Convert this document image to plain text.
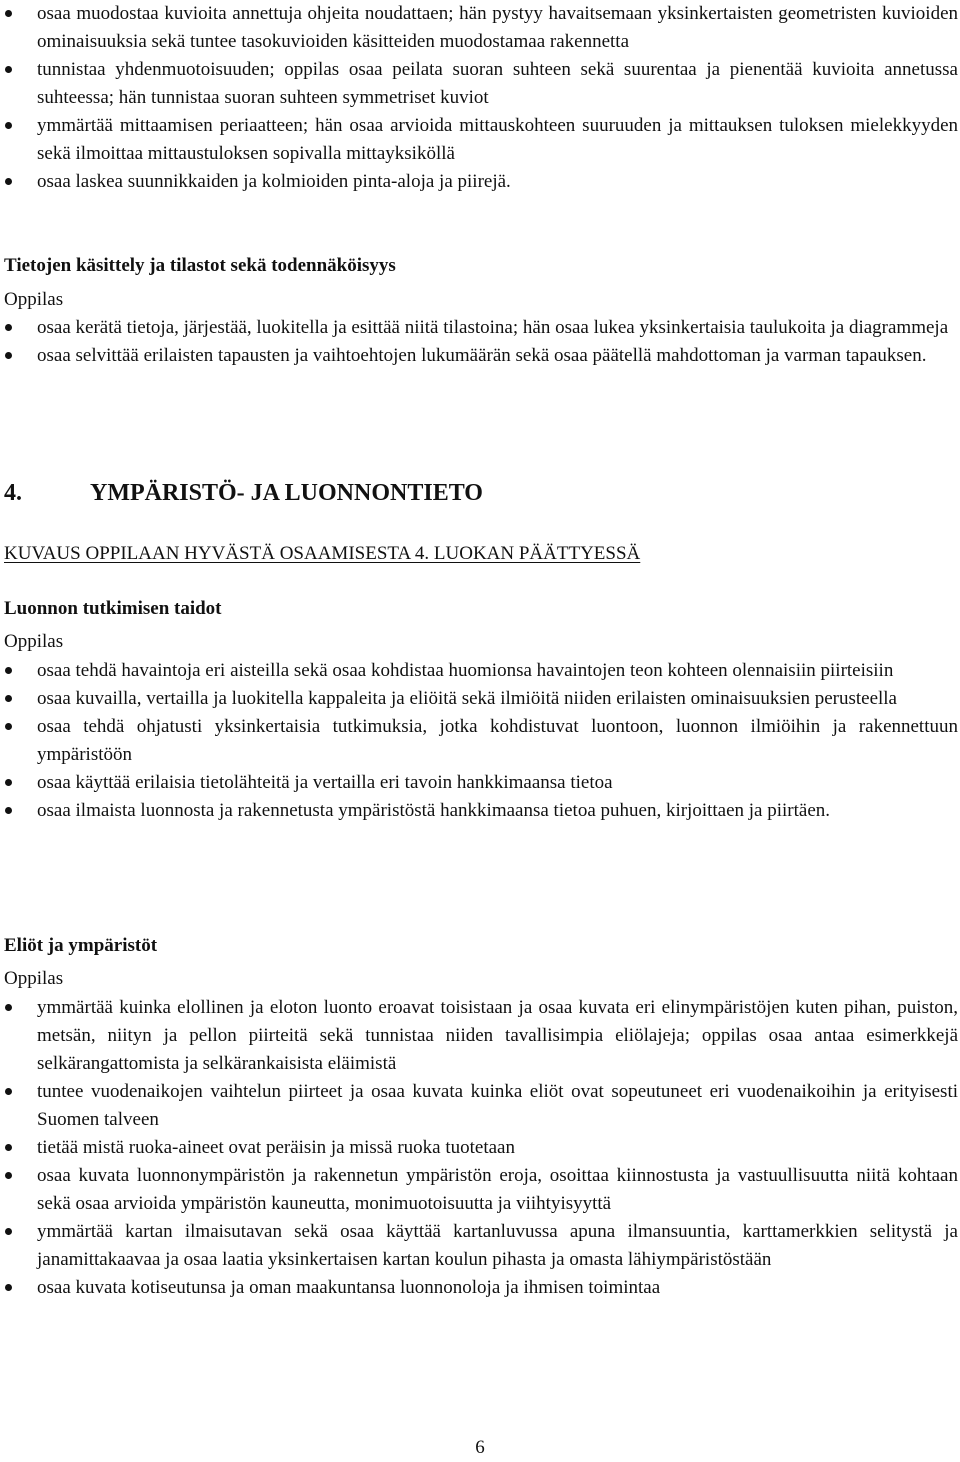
osaa muodostaa kuvioita annettuja ohjeita noudattaen; hän pystyy havaitsemaan yksinkertaisten geometristen kuvioiden ominaisuuksia sekä tuntee tasokuvioiden käsitteiden muodostamaa rakennetta
tunnistaa yhdenmuotoisuuden; oppilas osaa peilata suoran suhteen sekä suurentaa ja pienentää kuvioita annetussa suhteessa; hän tunnistaa suoran suhteen symmetriset kuviot
ymmärtää mittaamisen periaatteen; hän osaa arvioida mittauskohteen suuruuden ja mittauksen tuloksen mielekkyyden sekä ilmoittaa mittaustuloksen sopivalla mittayksiköllä
osaa laskea suunnikkaiden ja kolmioiden pinta-aloja ja piirejä.
Tietojen käsittely ja tilastot sekä todennäköisyys
Oppilas
osaa kerätä tietoja, järjestää, luokitella ja esittää niitä tilastoina; hän osaa lukea yksinkertaisia taulukoita ja diagrammeja
osaa selvittää erilaisten tapausten ja vaihtoehtojen lukumäärän sekä osaa päätellä mahdottoman ja varman tapauksen.
4.	YMPÄRISTÖ- JA LUONNONTIETO
KUVAUS OPPILAAN HYVÄSTÄ OSAAMISESTA 4. LUOKAN PÄÄTTYESSÄ
Luonnon tutkimisen taidot
Oppilas
osaa tehdä havaintoja eri aisteilla sekä osaa kohdistaa huomionsa havaintojen teon kohteen olennaisiin piirteisiin
osaa kuvailla, vertailla ja luokitella kappaleita ja eliöitä sekä ilmiöitä niiden erilaisten ominaisuuksien perusteella
osaa tehdä ohjatusti yksinkertaisia tutkimuksia, jotka kohdistuvat luontoon, luonnon ilmiöihin ja rakennettuun ympäristöön
osaa käyttää erilaisia tietolähteitä ja vertailla eri tavoin hankkimaansa tietoa
osaa ilmaista luonnosta ja rakennetusta ympäristöstä hankkimaansa tietoa puhuen, kirjoittaen ja piirtäen.
Eliöt ja ympäristöt
Oppilas
ymmärtää kuinka elollinen ja eloton luonto eroavat toisistaan ja osaa kuvata eri elinympäristöjen kuten pihan, puiston, metsän, niityn ja pellon piirteitä sekä tunnistaa niiden tavallisimpia eliölajeja; oppilas osaa antaa esimerkkejä selkärangattomista ja selkärankaisista eläimistä
tuntee vuodenaikojen vaihtelun piirteet ja osaa kuvata kuinka eliöt ovat sopeutuneet eri vuodenaikoihin ja erityisesti Suomen talveen
tietää mistä ruoka-aineet ovat peräisin ja missä ruoka tuotetaan
osaa kuvata luonnonympäristön ja rakennetun ympäristön eroja, osoittaa kiinnostusta ja vastuullisuutta niitä kohtaan sekä osaa arvioida ympäristön kauneutta, monimuotoisuutta ja viihtyisyyttä
ymmärtää kartan ilmaisutavan sekä osaa käyttää kartanluvussa apuna ilmansuuntia, karttamerkkien selitystä ja janamittakaavaa ja osaa laatia yksinkertaisen kartan koulun pihasta ja omasta lähiympäristöstään
osaa kuvata kotiseutunsa ja oman maakuntansa luonnonoloja ja ihmisen toimintaa
6
